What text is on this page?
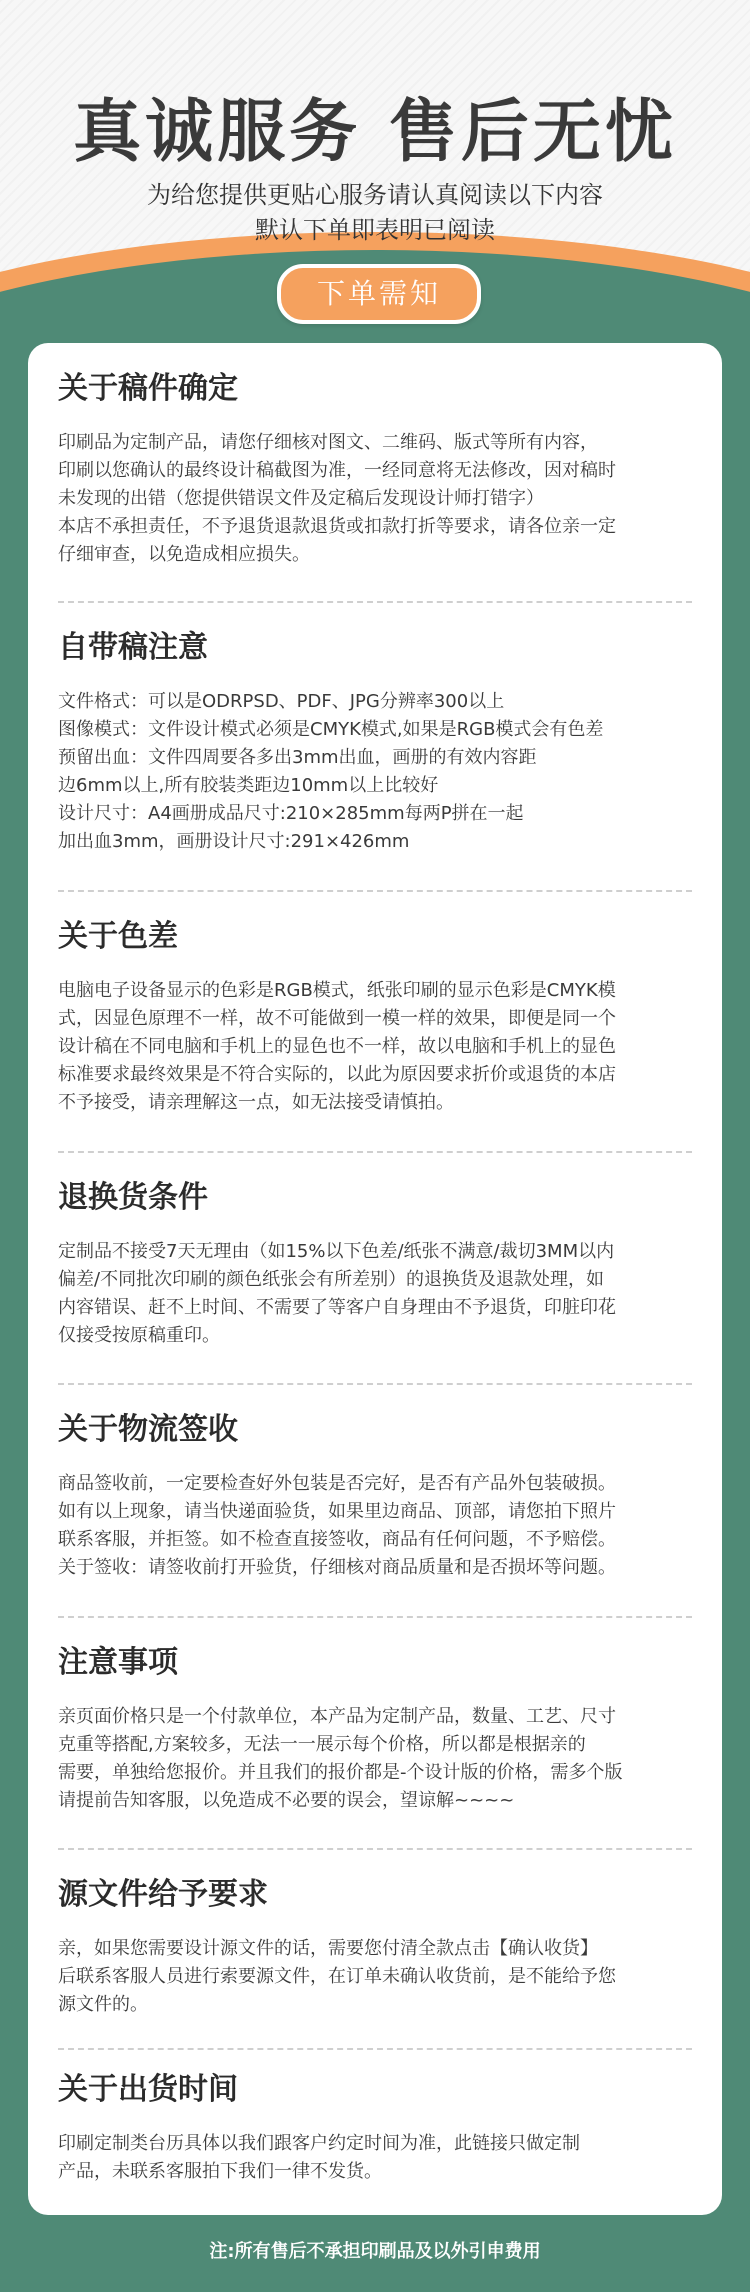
真诚服务 售后无忧
为给您提供更贴心服务请认真阅读以下内容
默认下单即表明已阅读
下单需知
关于稿件确定
印刷品为定制产品，请您仔细核对图文、二维码、版式等所有内容，
印刷以您确认的最终设计稿截图为准，一经同意将无法修改，因对稿时
未发现的出错（您提供错误文件及定稿后发现设计师打错字）
本店不承担责任，不予退货退款退货或扣款打折等要求，请各位亲一定
仔细审查，以免造成相应损失。
自带稿注意
文件格式：可以是ODRPSD、PDF、JPG分辨率300以上
图像模式：文件设计模式必须是CMYK模式,如果是RGB模式会有色差
预留出血：文件四周要各多出3mm出血，画册的有效内容距
边6mm以上,所有胶装类距边10mm以上比较好
设计尺寸：A4画册成品尺寸:210×285mm每两P拼在一起
加出血3mm，画册设计尺寸:291×426mm
关于色差
电脑电子设备显示的色彩是RGB模式，纸张印刷的显示色彩是CMYK模
式，因显色原理不一样，故不可能做到一模一样的效果，即便是同一个
设计稿在不同电脑和手机上的显色也不一样，故以电脑和手机上的显色
标准要求最终效果是不符合实际的，以此为原因要求折价或退货的本店
不予接受，请亲理解这一点，如无法接受请慎拍。
退换货条件
定制品不接受7天无理由（如15%以下色差/纸张不满意/裁切3MM以内
偏差/不同批次印刷的颜色纸张会有所差别）的退换货及退款处理，如
内容错误、赶不上时间、不需要了等客户自身理由不予退货，印脏印花
仅接受按原稿重印。
关于物流签收
商品签收前，一定要检查好外包装是否完好，是否有产品外包装破损。
如有以上现象，请当快递面验货，如果里边商品、顶部，请您拍下照片
联系客服，并拒签。如不检查直接签收，商品有任何问题，不予赔偿。
关于签收：请签收前打开验货，仔细核对商品质量和是否损坏等问题。
注意事项
亲页面价格只是一个付款单位，本产品为定制产品，数量、工艺、尺寸
克重等搭配,方案较多，无法一一展示每个价格，所以都是根据亲的
需要，单独给您报价。并且我们的报价都是-个设计版的价格，需多个版
请提前告知客服，以免造成不必要的误会，望谅解~~~~
源文件给予要求
亲，如果您需要设计源文件的话，需要您付清全款点击【确认收货】
后联系客服人员进行索要源文件，在订单未确认收货前，是不能给予您
源文件的。
关于出货时间
印刷定制类台历具体以我们跟客户约定时间为准，此链接只做定制
产品，未联系客服拍下我们一律不发货。
注:所有售后不承担印刷品及以外引申费用
